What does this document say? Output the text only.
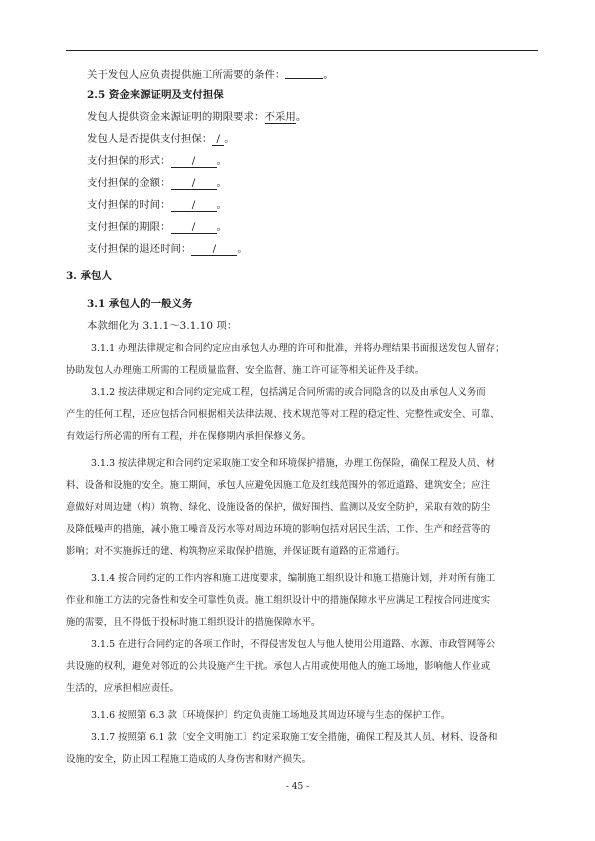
关于发包人应负责提供施工所需要的条件：	。
2.5 资金来源证明及支付担保
发包人提供资金来源证明的期限要求：不采用。
发包人是否提供支付担保： / 。
支付担保的形式： / 。
支付担保的金额： / 。
支付担保的时间： / 。
支付担保的期限： / 。
支付担保的退还时间： / 。
3. 承包人
3.1 承包人的一般义务
本款细化为 3.1.1～3.1.10 项：
3.1.1 办理法律规定和合同约定应由承包人办理的许可和批准，并将办理结果书面报送发包人留存；
协助发包人办理施工所需的工程质量监督、安全监督、施工许可证等相关证件及手续。
3.1.2 按法律规定和合同约定完成工程，包括满足合同所需的或合同隐含的以及由承包人义务而
产生的任何工程，还应包括合同根据相关法律法规、技术规范等对工程的稳定性、完整性或安全、可靠、
有效运行所必需的所有工程，并在保修期内承担保修义务。
3.1.3 按法律规定和合同约定采取施工安全和环境保护措施，办理工伤保险，确保工程及人员、材
料、设备和设施的安全。施工期间，承包人应避免因施工危及红线范围外的邻近道路、建筑安全；应注
意做好对周边建（构）筑物、绿化、设施设备的保护，做好围挡、监测以及安全防护，采取有效的防尘
及降低噪声的措施，减小施工噪音及污水等对周边环境的影响包括对居民生活、工作、生产和经营等的
影响；对不实施拆迁的建、构筑物应采取保护措施，并保证既有道路的正常通行。
3.1.4 按合同约定的工作内容和施工进度要求，编制施工组织设计和施工措施计划，并对所有施工
作业和施工方法的完备性和安全可靠性负责。施工组织设计中的措施保障水平应满足工程按合同进度实
施的需要，且不得低于投标时施工组织设计的措施保障水平。
3.1.5 在进行合同约定的各项工作时，不得侵害发包人与他人使用公用道路、水源、市政管网等公
共设施的权利，避免对邻近的公共设施产生干扰。承包人占用或使用他人的施工场地，影响他人作业或
生活的，应承担相应责任。
3.1.6 按照第 6.3 款〔环境保护〕约定负责施工场地及其周边环境与生态的保护工作。
3.1.7 按照第 6.1 款〔安全文明施工〕约定采取施工安全措施，确保工程及其人员、材料、设备和
设施的安全，防止因工程施工造成的人身伤害和财产损失。
- 45 -
